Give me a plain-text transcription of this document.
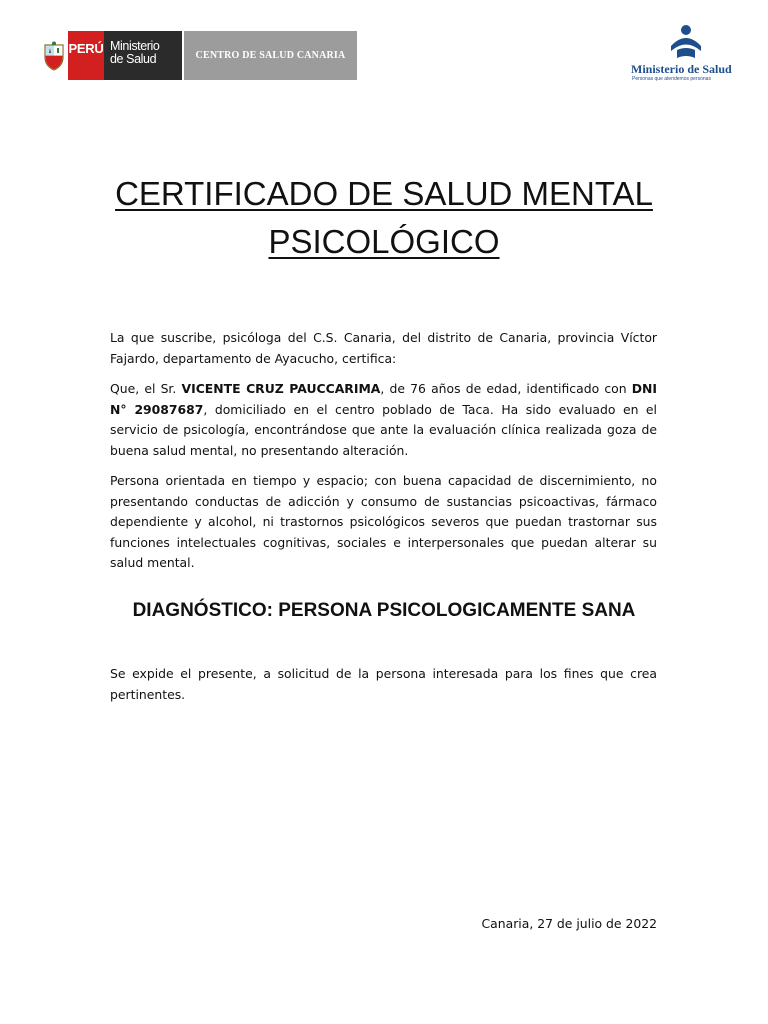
PERÚ Ministerio
de Salud	CENTRO DE SALUD CANARIA
Ministerio de Salud
Personas que atendemos personas
CERTIFICADO DE SALUD MENTAL
PSICOLÓGICO

La que suscribe, psicóloga del C.S. Canaria, del distrito de Canaria, provincia Víctor Fajardo, departamento de Ayacucho, certifica:

Que, el Sr. VICENTE CRUZ PAUCCARIMA, de 76 años de edad, identificado con DNI N° 29087687, domiciliado en el centro poblado de Taca. Ha sido evaluado en el servicio de psicología, encontrándose que ante la evaluación clínica realizada goza de buena salud mental, no presentando alteración.

Persona orientada en tiempo y espacio; con buena capacidad de discernimiento, no presentando conductas de adicción y consumo de sustancias psicoactivas, fármaco dependiente y alcohol, ni trastornos psicológicos severos que puedan trastornar sus funciones intelectuales cognitivas, sociales e interpersonales que puedan alterar su salud mental.

DIAGNÓSTICO: PERSONA PSICOLOGICAMENTE SANA

Se expide el presente, a solicitud de la persona interesada para los fines que crea pertinentes.

Canaria, 27 de julio de 2022
